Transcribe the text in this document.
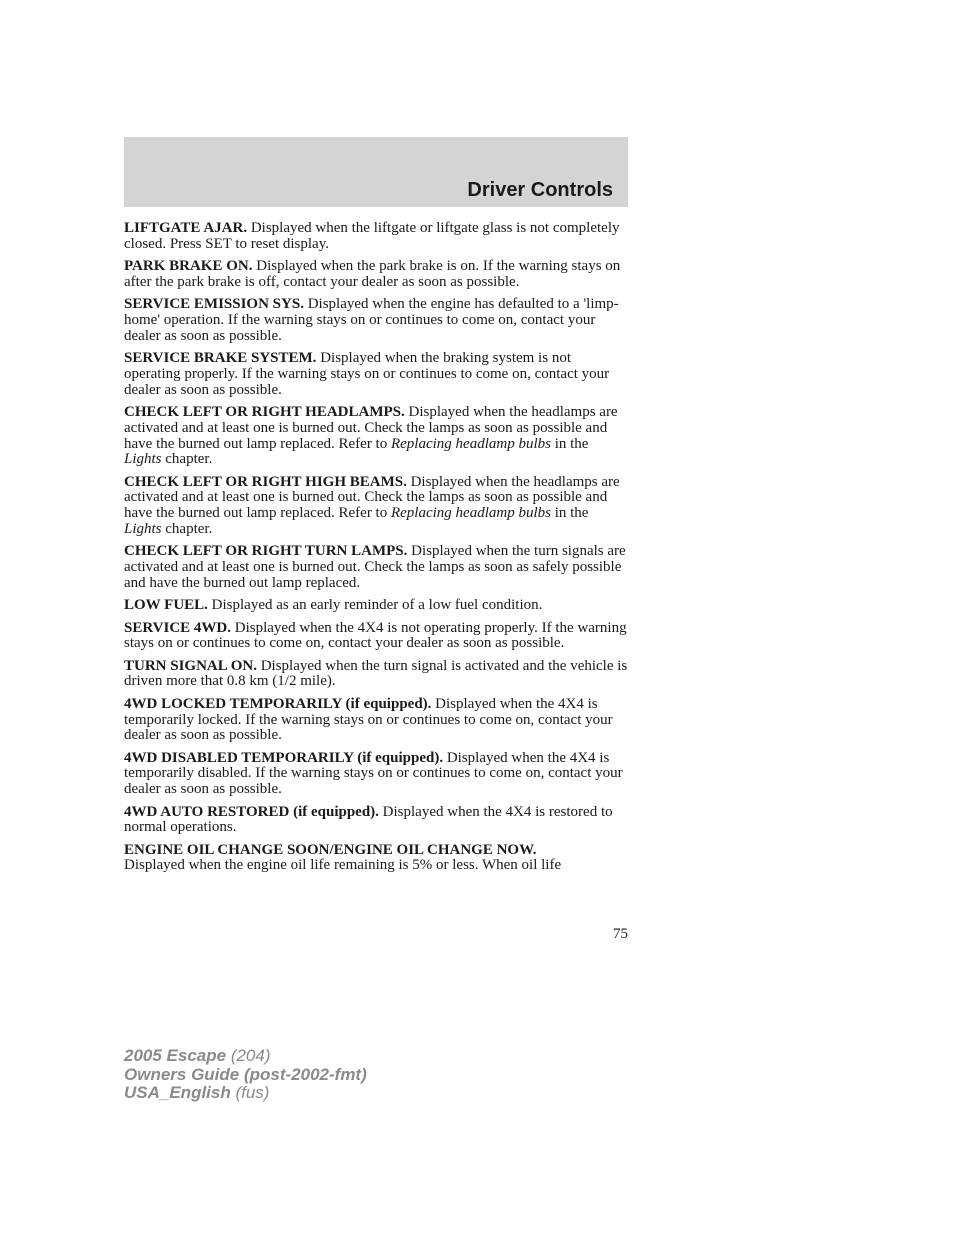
Driver Controls

LIFTGATE AJAR. Displayed when the liftgate or liftgate glass is not completely closed. Press SET to reset display.

PARK BRAKE ON. Displayed when the park brake is on. If the warning stays on after the park brake is off, contact your dealer as soon as possible.

SERVICE EMISSION SYS. Displayed when the engine has defaulted to a 'limp-home' operation. If the warning stays on or continues to come on, contact your dealer as soon as possible.

SERVICE BRAKE SYSTEM. Displayed when the braking system is not operating properly. If the warning stays on or continues to come on, contact your dealer as soon as possible.

CHECK LEFT OR RIGHT HEADLAMPS. Displayed when the headlamps are activated and at least one is burned out. Check the lamps as soon as possible and have the burned out lamp replaced. Refer to Replacing headlamp bulbs in the Lights chapter.

CHECK LEFT OR RIGHT HIGH BEAMS. Displayed when the headlamps are activated and at least one is burned out. Check the lamps as soon as possible and have the burned out lamp replaced. Refer to Replacing headlamp bulbs in the Lights chapter.

CHECK LEFT OR RIGHT TURN LAMPS. Displayed when the turn signals are activated and at least one is burned out. Check the lamps as soon as safely possible and have the burned out lamp replaced.

LOW FUEL. Displayed as an early reminder of a low fuel condition.

SERVICE 4WD. Displayed when the 4X4 is not operating properly. If the warning stays on or continues to come on, contact your dealer as soon as possible.

TURN SIGNAL ON. Displayed when the turn signal is activated and the vehicle is driven more that 0.8 km (1/2 mile).

4WD LOCKED TEMPORARILY (if equipped). Displayed when the 4X4 is temporarily locked. If the warning stays on or continues to come on, contact your dealer as soon as possible.

4WD DISABLED TEMPORARILY (if equipped). Displayed when the 4X4 is temporarily disabled. If the warning stays on or continues to come on, contact your dealer as soon as possible.

4WD AUTO RESTORED (if equipped). Displayed when the 4X4 is restored to normal operations.

ENGINE OIL CHANGE SOON/ENGINE OIL CHANGE NOW.
Displayed when the engine oil life remaining is 5% or less. When oil life

75
2005 Escape (204)
Owners Guide (post-2002-fmt)
USA_English (fus)
